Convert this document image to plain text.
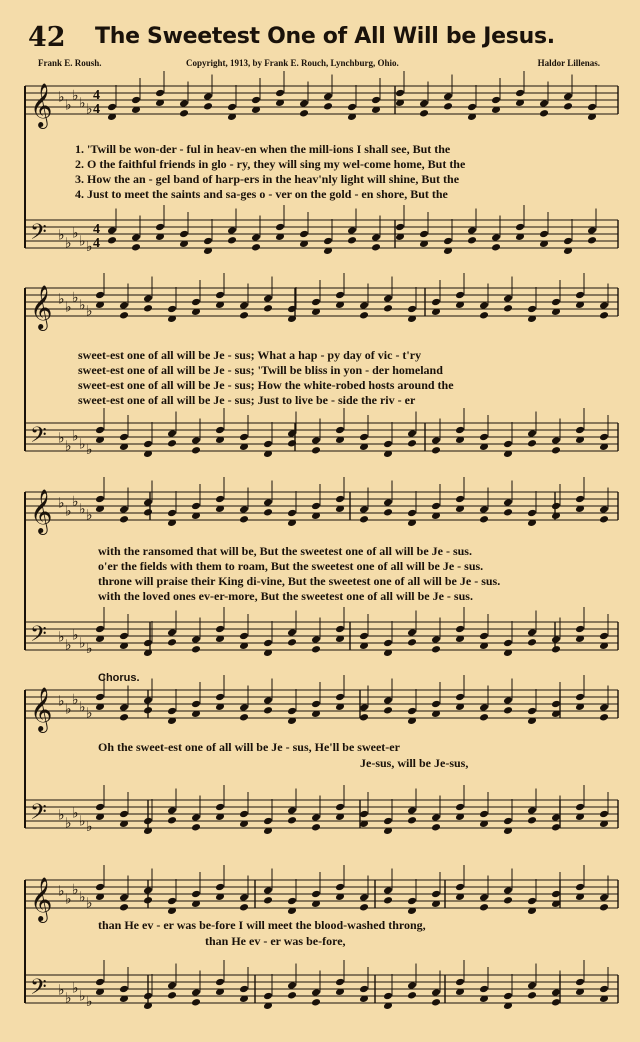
42 The Sweetest One of All Will be Jesus.
Frank E. Roush.	Copyright, 1913, by Frank E. Rouch, Lynchburg, Ohio.	Haldor Lillenas.
Chorus.
𝄞 ♭ ♭
♭ ♭ ♭
4
4
𝄢 ♭ ♭
♭ ♭ ♭
4
4
1. 'Twill be won-der - ful in heav-en when the mill-ions I shall see, But the
2. O the faithful friends in glo - ry, they will sing my wel-come home, But the
3. How the an - gel band of harp-ers in the heav'nly light will shine, But the
4. Just to meet the saints and sa-ges o - ver on the gold - en shore, But the
𝄞 ♭ ♭
♭ ♭ ♭
𝄢 ♭ ♭
♭ ♭ ♭
sweet-est one of all will be Je - sus; What a hap - py day of vic - t'ry
sweet-est one of all will be Je - sus; 'Twill be bliss in yon - der homeland
sweet-est one of all will be Je - sus; How the white-robed hosts around the
sweet-est one of all will be Je - sus; Just to live be - side the riv - er
𝄞 ♭ ♭
♭ ♭ ♭
𝄢 ♭ ♭
♭ ♭ ♭
with the ransomed that will be, But the sweetest one of all will be Je - sus.
o'er the fields with them to roam, But the sweetest one of all will be Je - sus.
throne will praise their King di-vine, But the sweetest one of all will be Je - sus.
with the loved ones ev-er-more, But the sweetest one of all will be Je - sus.
𝄞 ♭ ♭
♭ ♭ ♭
𝄢 ♭ ♭
♭ ♭ ♭
Oh the sweet-est one of all will be Je - sus, He'll be sweet-er
Je-sus, will be Je-sus,
𝄞 ♭ ♭
♭ ♭ ♭
𝄢 ♭ ♭
♭ ♭ ♭
than He ev - er was be-fore I will meet the blood-washed throng,
than He ev - er was be-fore,
